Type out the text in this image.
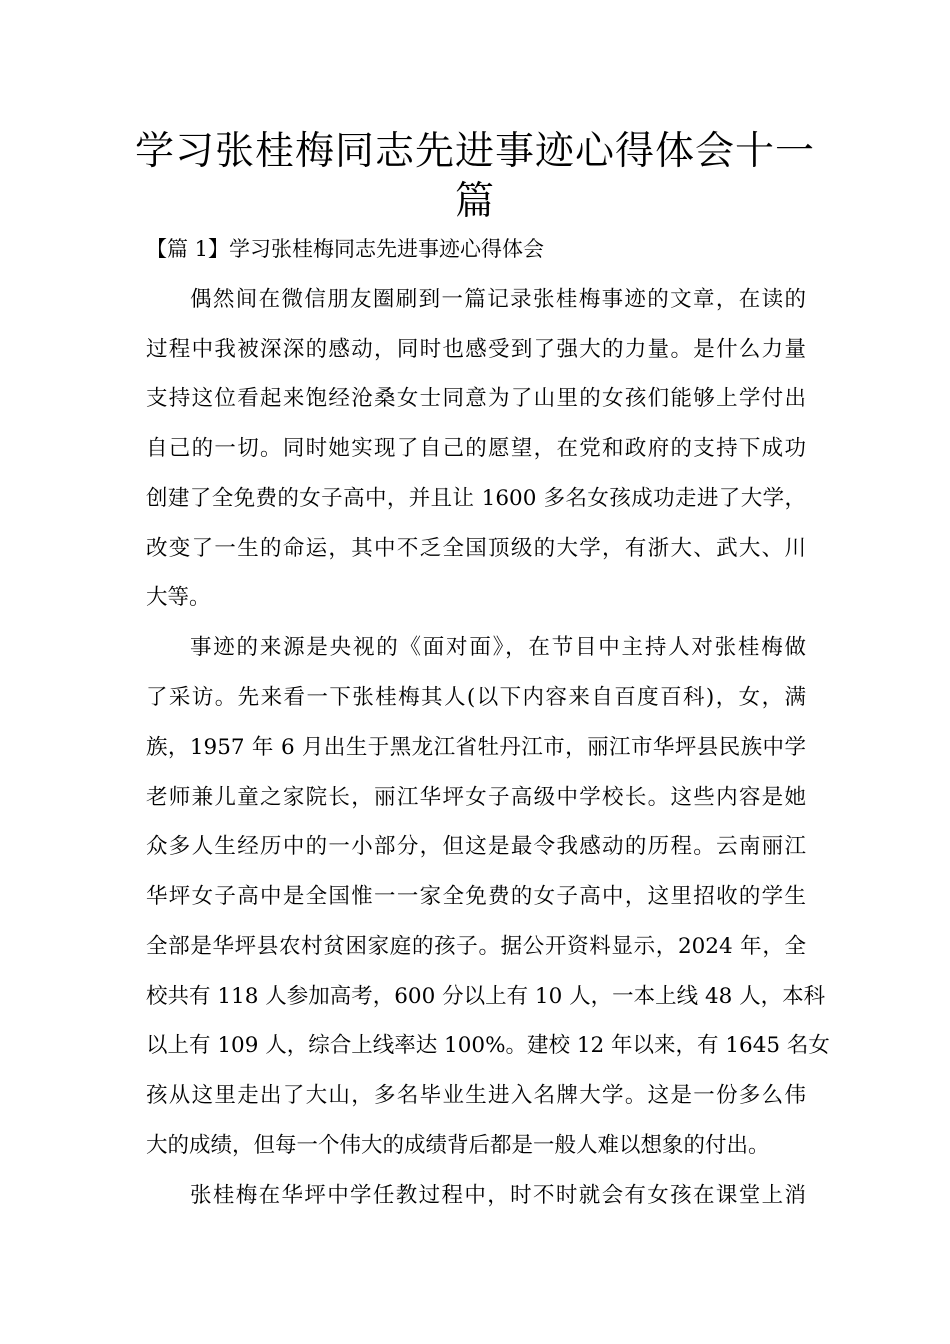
学习张桂梅同志先进事迹心得体会十一
篇

【篇 1】学习张桂梅同志先进事迹心得体会

偶然间在微信朋友圈刷到一篇记录张桂梅事迹的文章，在读的

过程中我被深深的感动，同时也感受到了强大的力量。是什么力量

支持这位看起来饱经沧桑女士同意为了山里的女孩们能够上学付出

自己的一切。同时她实现了自己的愿望，在党和政府的支持下成功

创建了全免费的女子高中，并且让 1600 多名女孩成功走进了大学，

改变了一生的命运，其中不乏全国顶级的大学，有浙大、武大、川

大等。

事迹的来源是央视的《面对面》，在节目中主持人对张桂梅做

了采访。先来看一下张桂梅其人(以下内容来自百度百科)，女，满

族，1957 年 6 月出生于黑龙江省牡丹江市，丽江市华坪县民族中学

老师兼儿童之家院长，丽江华坪女子高级中学校长。这些内容是她

众多人生经历中的一小部分，但这是最令我感动的历程。云南丽江

华坪女子高中是全国惟一一家全免费的女子高中，这里招收的学生

全部是华坪县农村贫困家庭的孩子。据公开资料显示，2024 年，全

校共有 118 人参加高考，600 分以上有 10 人，一本上线 48 人，本科

以上有 109 人，综合上线率达 100%。建校 12 年以来，有 1645 名女

孩从这里走出了大山，多名毕业生进入名牌大学。这是一份多么伟

大的成绩，但每一个伟大的成绩背后都是一般人难以想象的付出。

张桂梅在华坪中学任教过程中，时不时就会有女孩在课堂上消
